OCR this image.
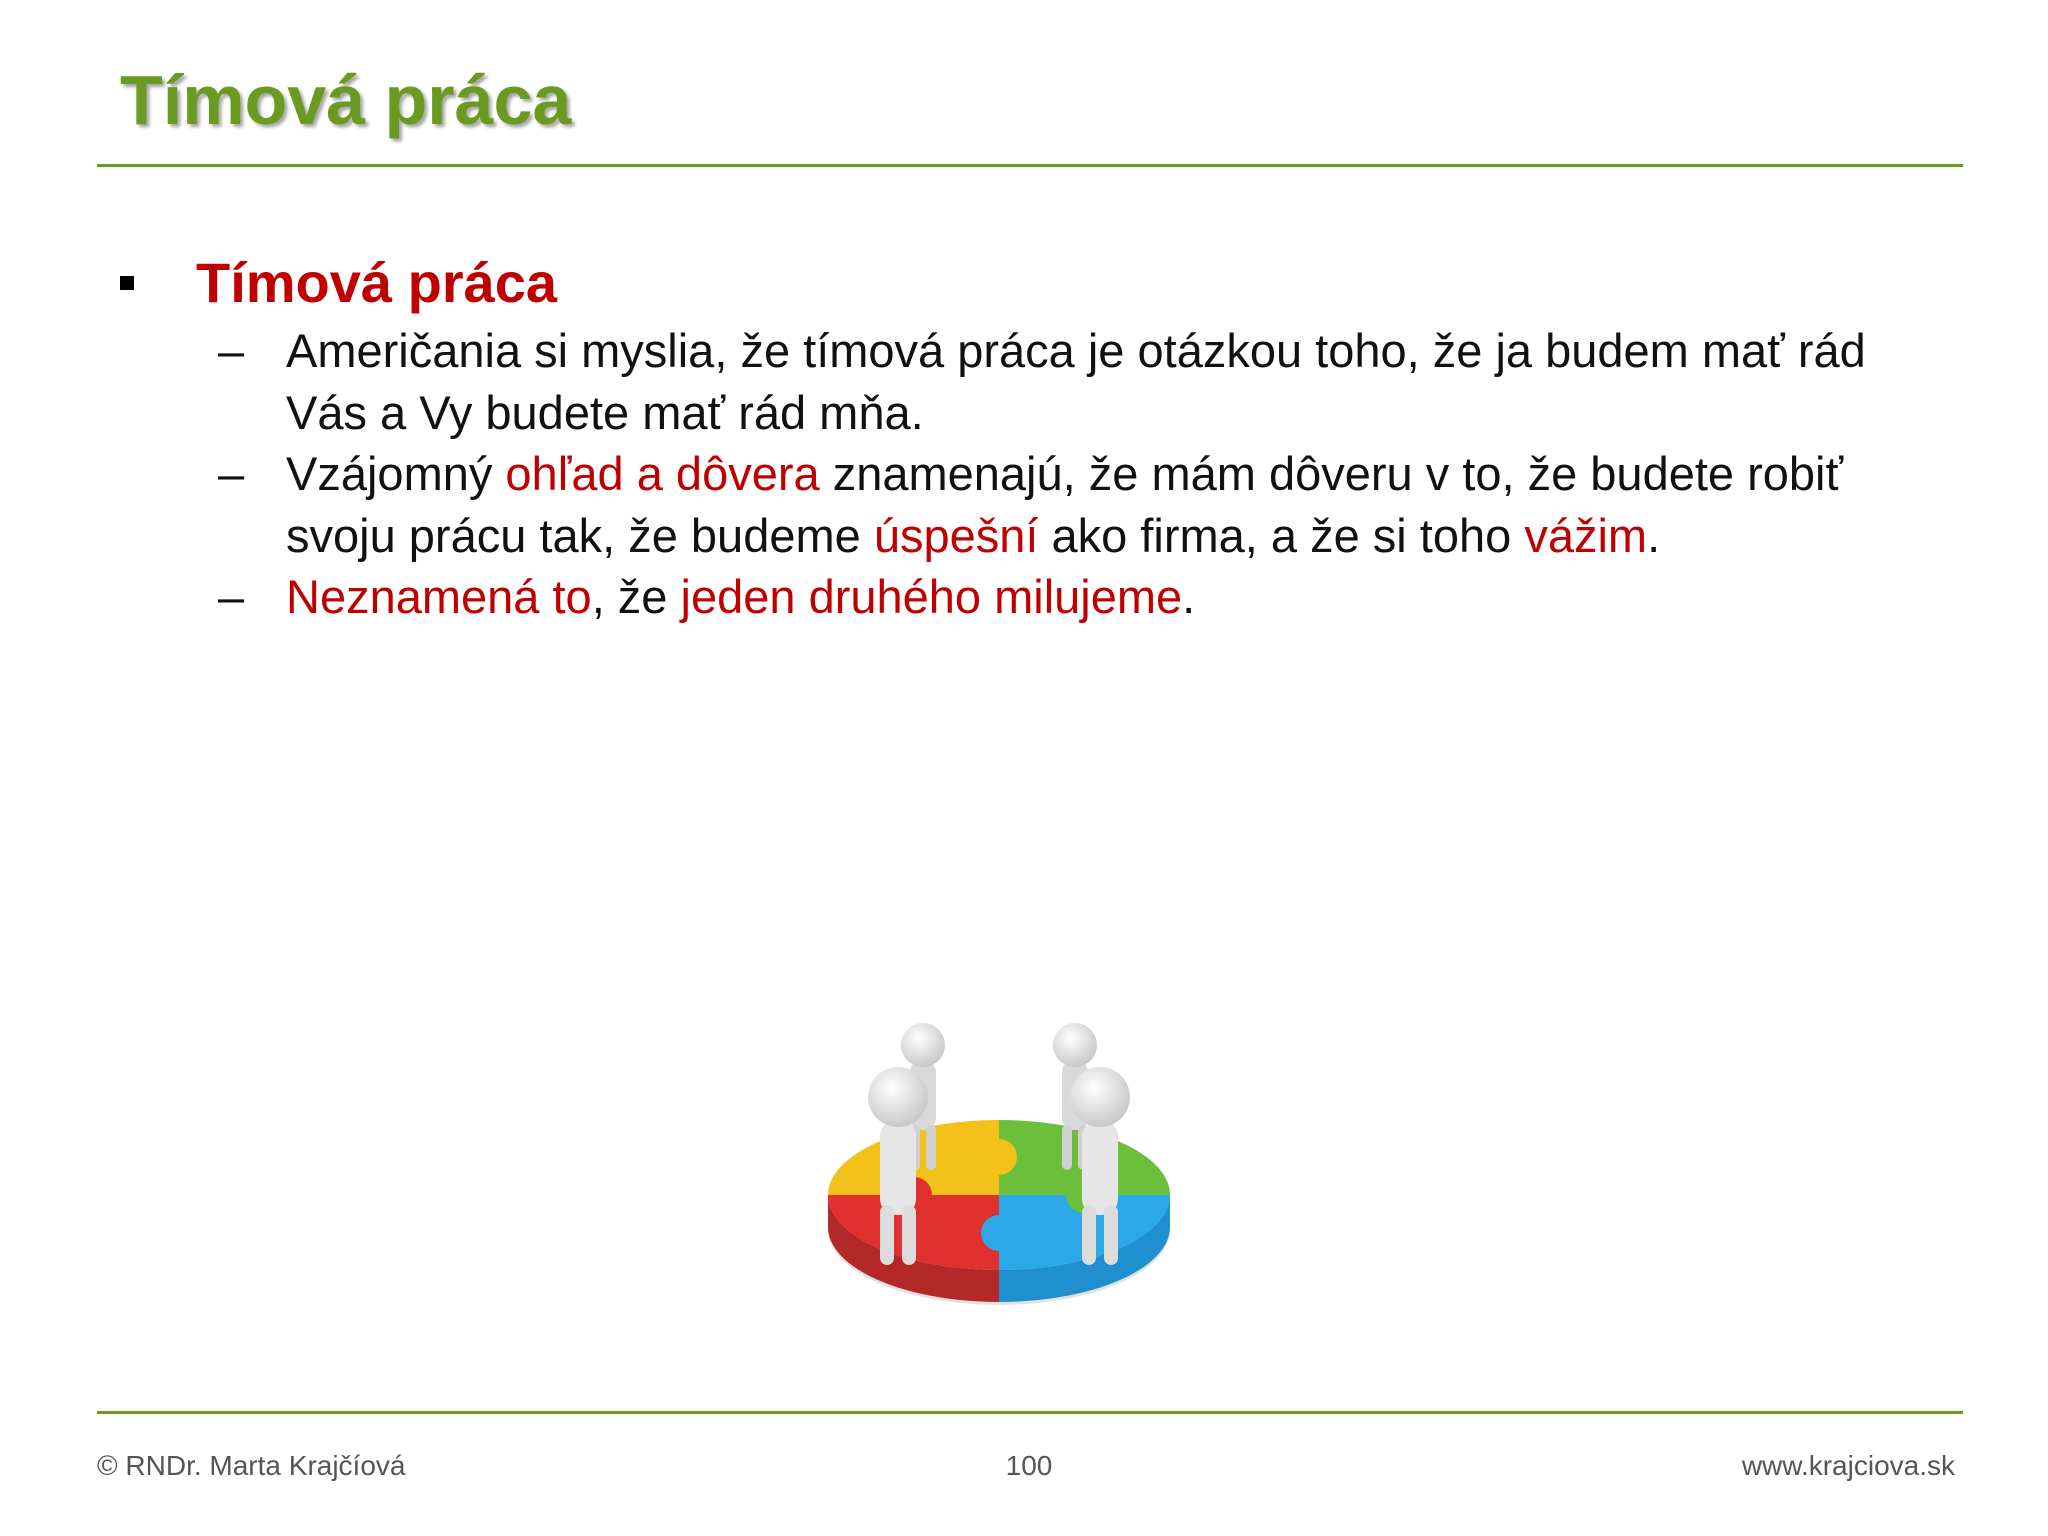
Tímová práca
Tímová práca
– Američania si myslia, že tímová práca je otázkou toho, že ja budem mať rád Vás a Vy budete mať rád mňa.
– Vzájomný ohľad a dôvera znamenajú, že mám dôveru v to, že budete robiť svoju prácu tak, že budeme úspešní ako firma, a že si toho vážim.
– Neznamená to, že jeden druhého milujeme.
© RNDr. Marta Krajčíová	100	www.krajciova.sk
